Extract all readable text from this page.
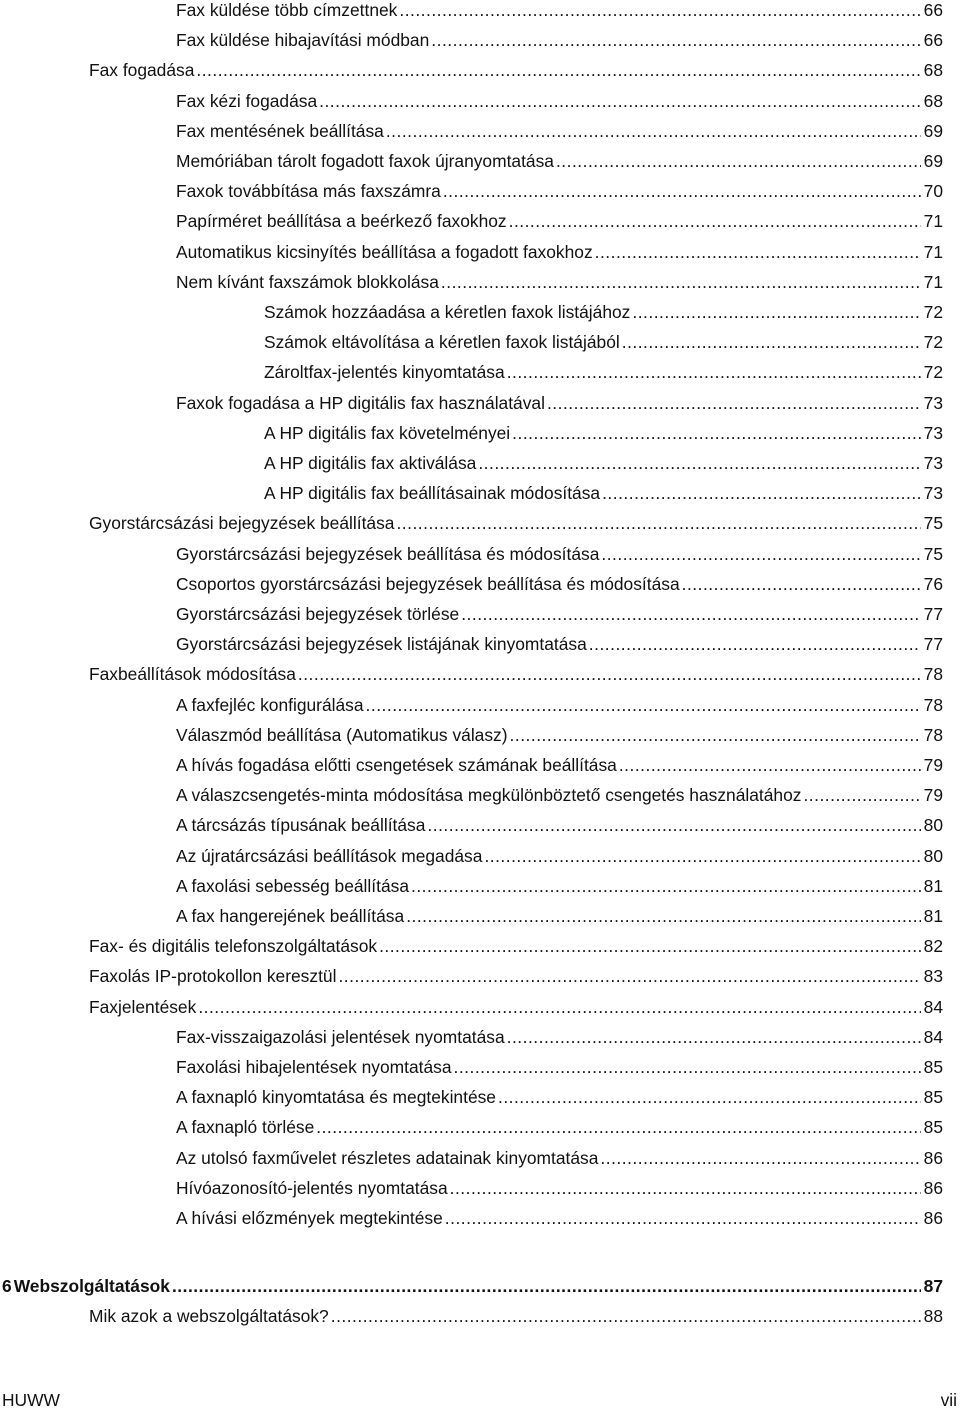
Fax küldése több címzettnek .....	66
Fax küldése hibajavítási módban .....	66
Fax fogadása .....	68
Fax kézi fogadása .....	68
Fax mentésének beállítása .....	69
Memóriában tárolt fogadott faxok újranyomtatása .....	69
Faxok továbbítása más faxszámra .....	70
Papírméret beállítása a beérkező faxokhoz .....	71
Automatikus kicsinyítés beállítása a fogadott faxokhoz .....	71
Nem kívánt faxszámok blokkolása .....	71
Számok hozzáadása a kéretlen faxok listájához .....	72
Számok eltávolítása a kéretlen faxok listájából .....	72
Zároltfax-jelentés kinyomtatása .....	72
Faxok fogadása a HP digitális fax használatával .....	73
A HP digitális fax követelményei .....	73
A HP digitális fax aktiválása .....	73
A HP digitális fax beállításainak módosítása .....	73
Gyorstárcsázási bejegyzések beállítása .....	75
Gyorstárcsázási bejegyzések beállítása és módosítása .....	75
Csoportos gyorstárcsázási bejegyzések beállítása és módosítása .....	76
Gyorstárcsázási bejegyzések törlése .....	77
Gyorstárcsázási bejegyzések listájának kinyomtatása .....	77
Faxbeállítások módosítása .....	78
A faxfejléc konfigurálása .....	78
Válaszmód beállítása (Automatikus válasz) .....	78
A hívás fogadása előtti csengetések számának beállítása .....	79
A válaszcsengetés-minta módosítása megkülönböztető csengetés használatához .....	79
A tárcsázás típusának beállítása .....	80
Az újratárcsázási beállítások megadása .....	80
A faxolási sebesség beállítása .....	81
A fax hangerejének beállítása .....	81
Fax- és digitális telefonszolgáltatások .....	82
Faxolás IP-protokollon keresztül .....	83
Faxjelentések .....	84
Fax-visszaigazolási jelentések nyomtatása .....	84
Faxolási hibajelentések nyomtatása .....	85
A faxnapló kinyomtatása és megtekintése .....	85
A faxnapló törlése .....	85
Az utolsó faxművelet részletes adatainak kinyomtatása .....	86
Hívóazonosító-jelentés nyomtatása .....	86
A hívási előzmények megtekintése .....	86
6 Webszolgáltatások .....	87
Mik azok a webszolgáltatások? .....	88
HUWW	vii
